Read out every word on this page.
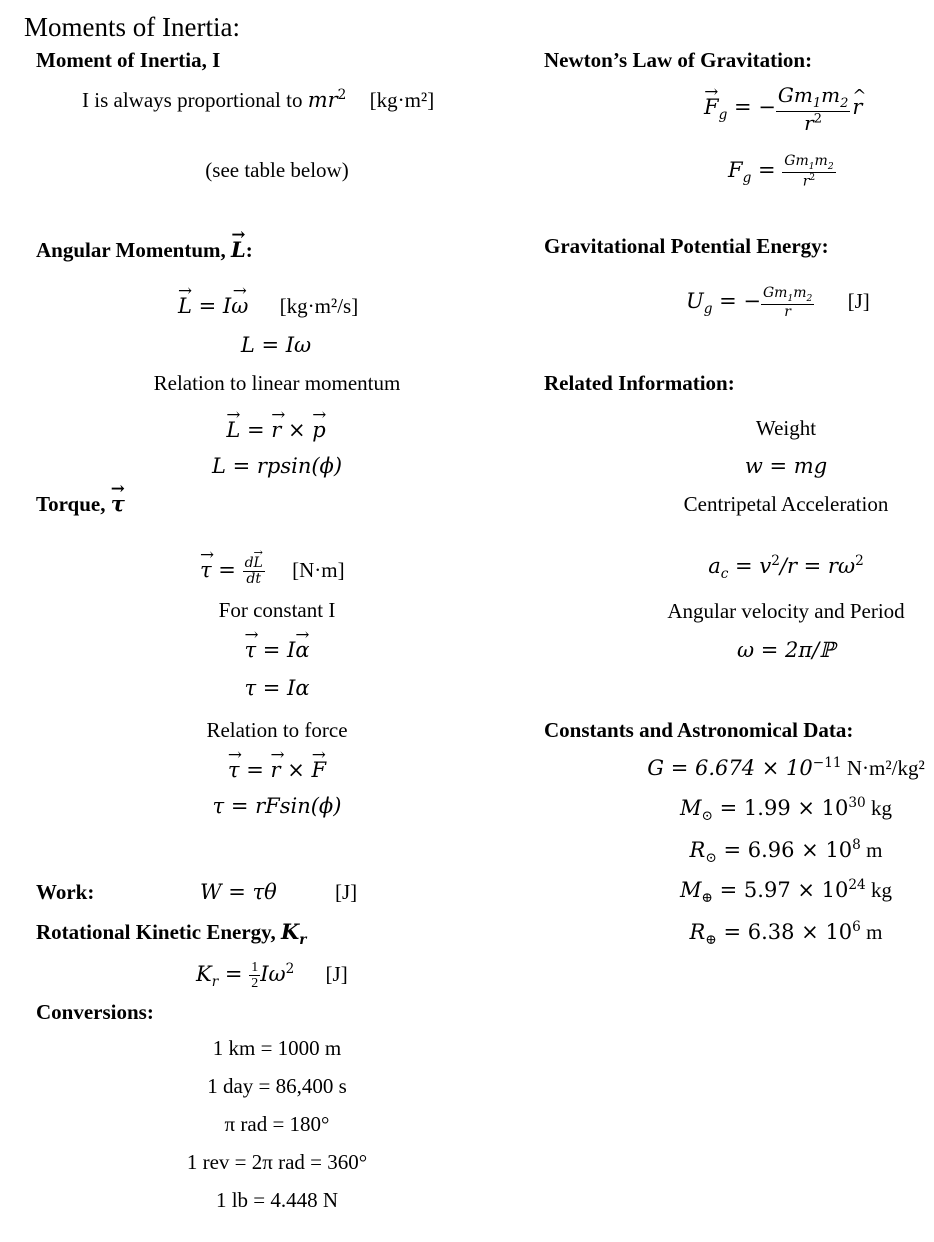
Moments of Inertia:
Moment of Inertia, I
I is always proportional to $mr^2$ [kg·m²]
(see table below)
Angular Momentum, → L:
→ L = I→ ω [kg·m²/s]
L = Iω
Relation to linear momentum
→ L = → r × → p
L = rpsin(ϕ)
Torque, → τ
→ $\tau = \frac{d\to L}{dt} [N\cdot m]$
For constant I
→ τ = I→ α
τ = Iα
Relation to force
→ τ = → r × → F
τ = rFsin(ϕ)
Work:	W = τθ	[J]
Rotational Kinetic Energy, $K_r$
$K_r = \frac{1}{2} I\omega^2$ [J]
Conversions:
1 km = 1000 m
1 day = 86,400 s
π rad = 180°
1 rev = 2π rad = 360°
1 lb = 4.448 N
Newton’s Law of Gravitation:
→ $F_g$ = − $\frac{Gm_1m_2}{r^2}$
^ r
$F_g = \frac{Gm_1m_2}{r^2}$
Gravitational Potential Energy:
$U_g$ = − $\frac{Gm_1m_2}{r} [J]$
Related Information:
Weight
w = mg
Centripetal Acceleration
$a_c = v^2/r = r\omega^2$
Angular velocity and Period
ω = 2π/ℙ
Constants and Astronomical Data:
$G = 6.674 \times 10^{-11}$ N·m²/kg²
$M_⊙ = 1.99 \times 10^{30}$ kg
$R_⊙ = 6.96 \times 10^8$ m
$M_\oplus = 5.97 \times 10^{24}$ kg
$R_\oplus = 6.38 \times 10^6$ m
